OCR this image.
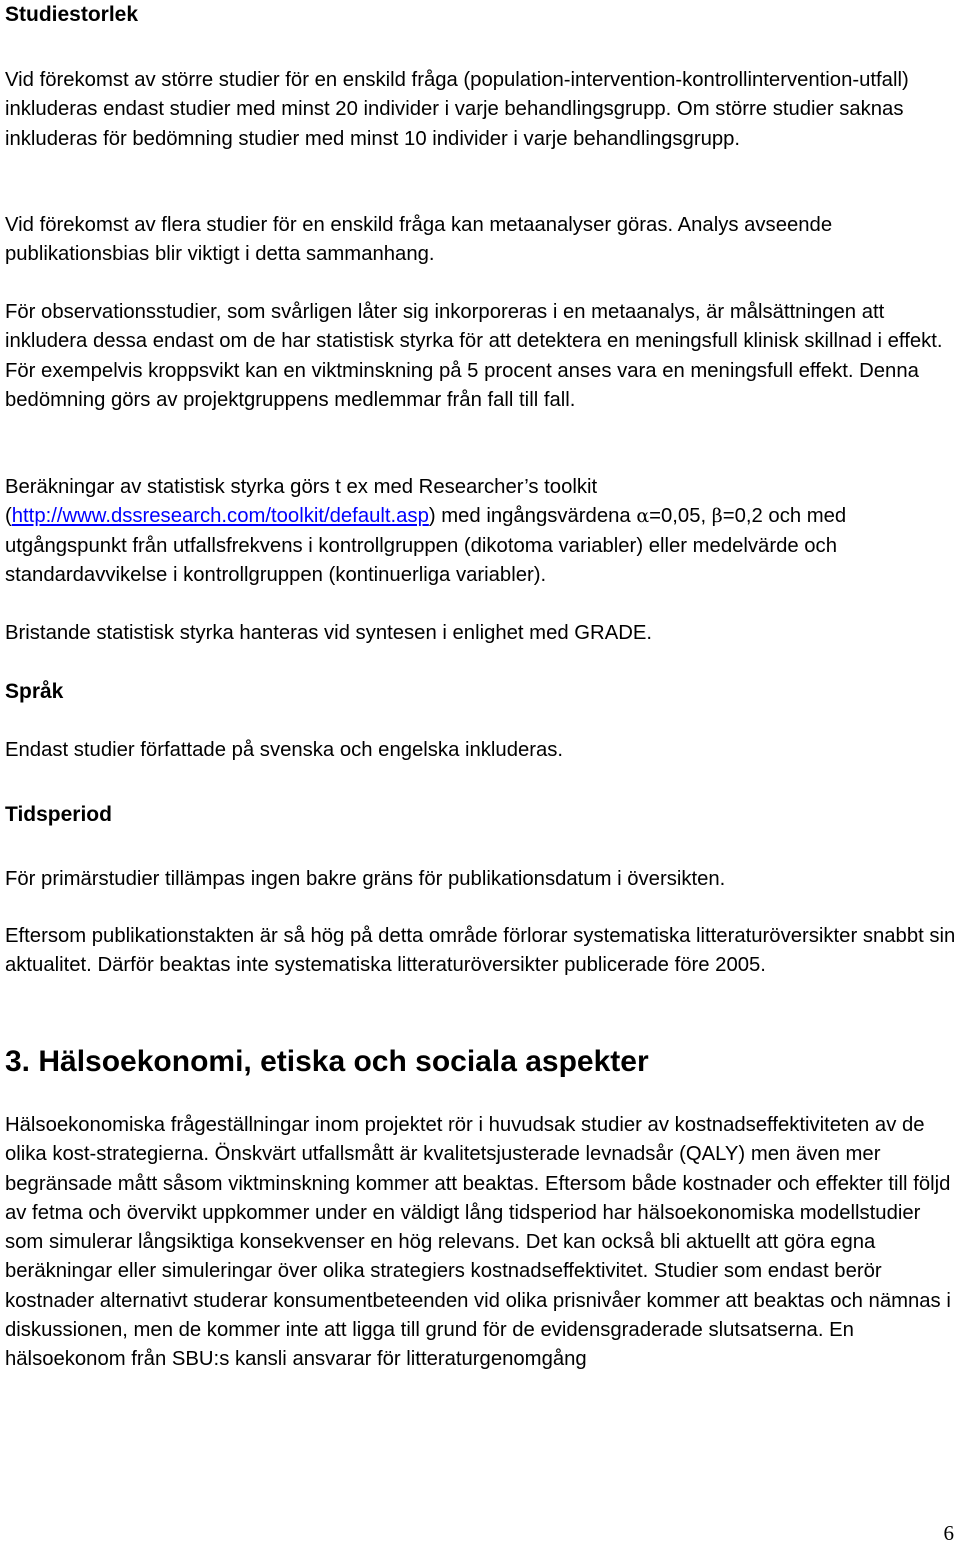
Studiestorlek

Vid förekomst av större studier för en enskild fråga (population-intervention-kontrollintervention-utfall) inkluderas endast studier med minst 20 individer i varje behandlingsgrupp. Om större studier saknas inkluderas för bedömning studier med minst 10 individer i varje behandlingsgrupp.

Vid förekomst av flera studier för en enskild fråga kan metaanalyser göras. Analys avseende publikationsbias blir viktigt i detta sammanhang.

För observationsstudier, som svårligen låter sig inkorporeras i en metaanalys, är målsättningen att inkludera dessa endast om de har statistisk styrka för att detektera en meningsfull klinisk skillnad i effekt. För exempelvis kroppsvikt kan en viktminskning på 5 procent anses vara en meningsfull effekt. Denna bedömning görs av projektgruppens medlemmar från fall till fall.

Beräkningar av statistisk styrka görs t ex med Researcher’s toolkit (http://www.dssresearch.com/toolkit/default.asp) med ingångsvärdena α=0,05, β=0,2 och med utgångspunkt från utfallsfrekvens i kontrollgruppen (dikotoma variabler) eller medelvärde och standardavvikelse i kontrollgruppen (kontinuerliga variabler).

Bristande statistisk styrka hanteras vid syntesen i enlighet med GRADE.

Språk

Endast studier författade på svenska och engelska inkluderas.

Tidsperiod

För primärstudier tillämpas ingen bakre gräns för publikationsdatum i översikten.

Eftersom publikationstakten är så hög på detta område förlorar systematiska litteraturöversikter snabbt sin aktualitet. Därför beaktas inte systematiska litteraturöversikter publicerade före 2005.

3. Hälsoekonomi, etiska och sociala aspekter

Hälsoekonomiska frågeställningar inom projektet rör i huvudsak studier av kostnadseffektiviteten av de olika kost-strategierna. Önskvärt utfallsmått är kvalitetsjusterade levnadsår (QALY) men även mer begränsade mått såsom viktminskning kommer att beaktas. Eftersom både kostnader och effekter till följd av fetma och övervikt uppkommer under en väldigt lång tidsperiod har hälsoekonomiska modellstudier som simulerar långsiktiga konsekvenser en hög relevans. Det kan också bli aktuellt att göra egna beräkningar eller simuleringar över olika strategiers kostnadseffektivitet. Studier som endast berör kostnader alternativt studerar konsumentbeteenden vid olika prisnivåer kommer att beaktas och nämnas i diskussionen, men de kommer inte att ligga till grund för de evidensgraderade slutsatserna. En hälsoekonom från SBU:s kansli ansvarar för litteraturgenomgång

6
